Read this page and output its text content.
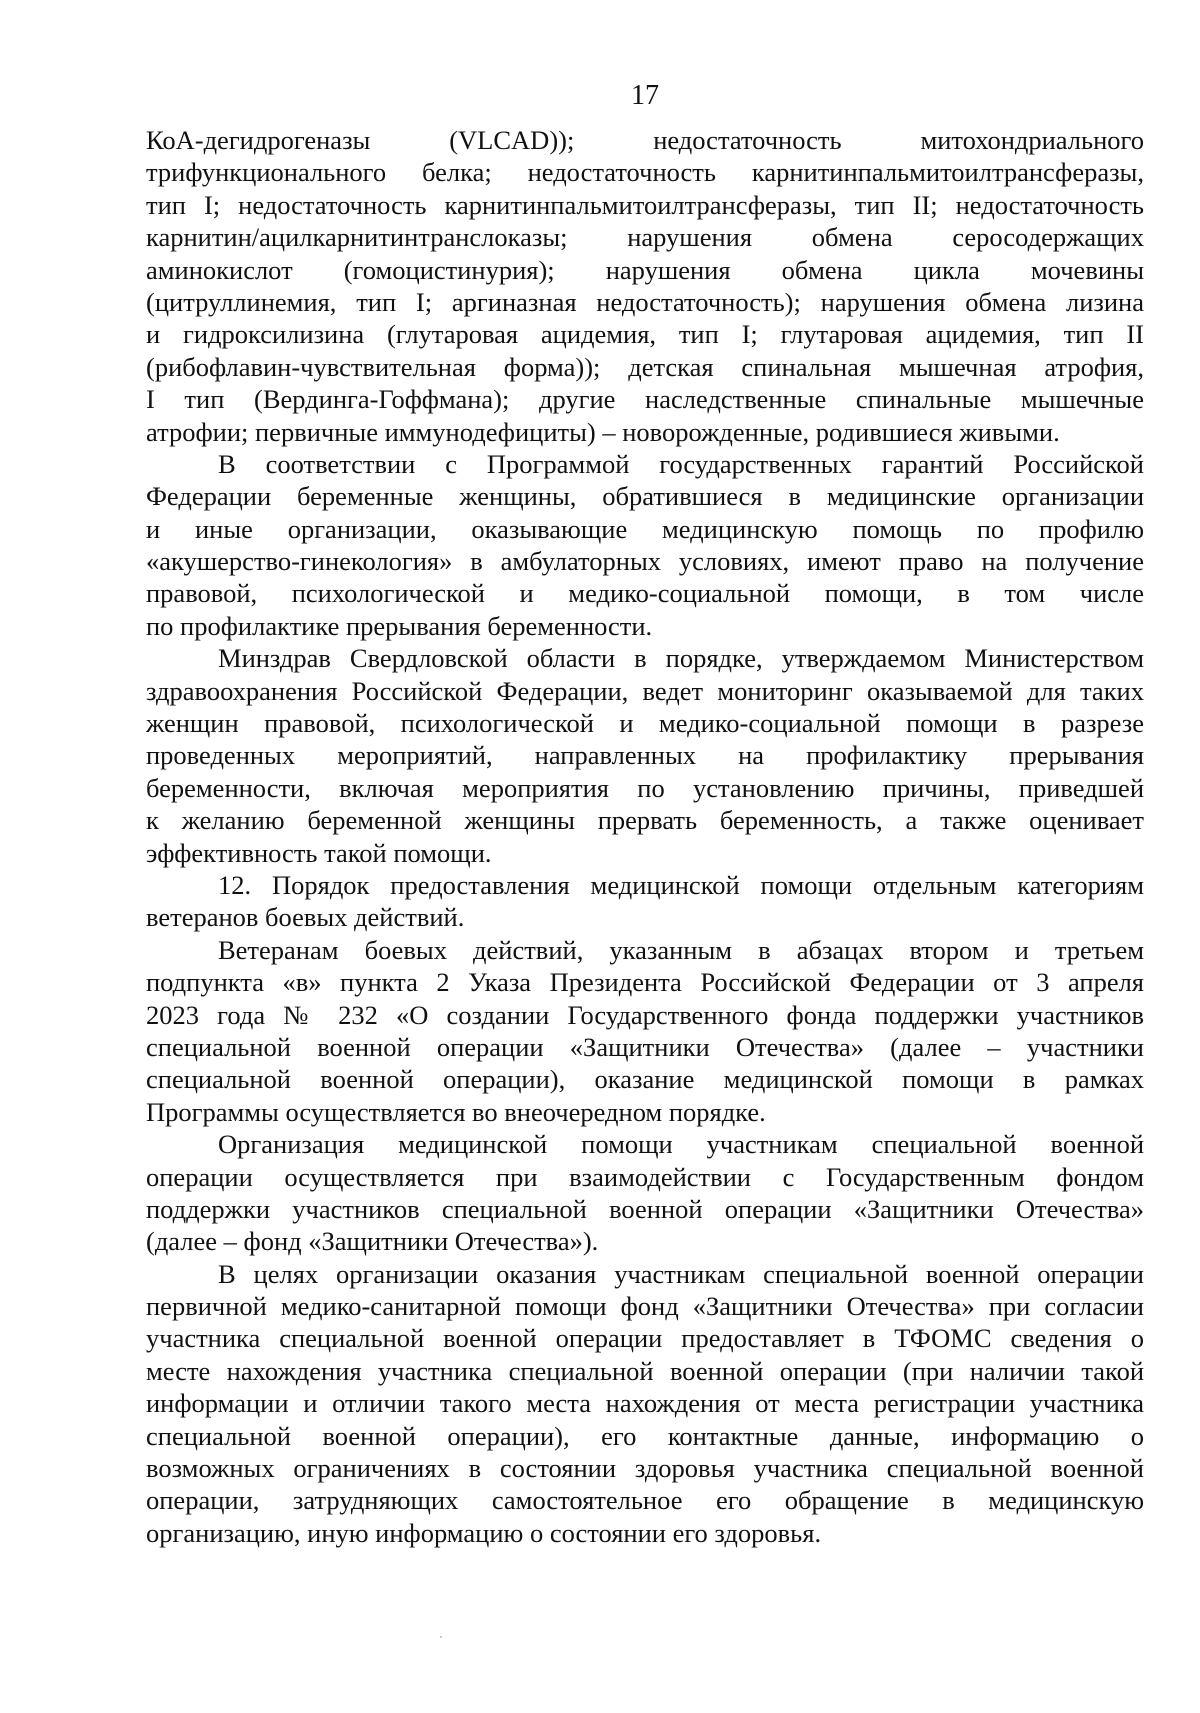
17
КоА-дегидрогеназы (VLCAD)); недостаточность митохондриального
трифункционального белка; недостаточность карнитинпальмитоилтрансферазы,
тип I; недостаточность карнитинпальмитоилтрансферазы, тип II; недостаточность
карнитин/ацилкарнитинтранслоказы; нарушения обмена серосодержащих
аминокислот (гомоцистинурия); нарушения обмена цикла мочевины
(цитруллинемия, тип I; аргиназная недостаточность); нарушения обмена лизина
и гидроксилизина (глутаровая ацидемия, тип I; глутаровая ацидемия, тип II
(рибофлавин-чувствительная форма)); детская спинальная мышечная атрофия,
I тип (Вердинга-Гоффмана); другие наследственные спинальные мышечные
атрофии; первичные иммунодефициты) – новорожденные, родившиеся живыми.
В соответствии с Программой государственных гарантий Российской
Федерации беременные женщины, обратившиеся в медицинские организации
и иные организации, оказывающие медицинскую помощь по профилю
«акушерство-гинекология» в амбулаторных условиях, имеют право на получение
правовой, психологической и медико-социальной помощи, в том числе
по профилактике прерывания беременности.
Минздрав Свердловской области в порядке, утверждаемом Министерством
здравоохранения Российской Федерации, ведет мониторинг оказываемой для таких
женщин правовой, психологической и медико-социальной помощи в разрезе
проведенных мероприятий, направленных на профилактику прерывания
беременности, включая мероприятия по установлению причины, приведшей
к желанию беременной женщины прервать беременность, а также оценивает
эффективность такой помощи.
12. Порядок предоставления медицинской помощи отдельным категориям
ветеранов боевых действий.
Ветеранам боевых действий, указанным в абзацах втором и третьем
подпункта «в» пункта 2 Указа Президента Российской Федерации от 3 апреля
2023 года № 232 «О создании Государственного фонда поддержки участников
специальной военной операции «Защитники Отечества» (далее – участники
специальной военной операции), оказание медицинской помощи в рамках
Программы осуществляется во внеочередном порядке.
Организация медицинской помощи участникам специальной военной
операции осуществляется при взаимодействии с Государственным фондом
поддержки участников специальной военной операции «Защитники Отечества»
(далее – фонд «Защитники Отечества»).
В целях организации оказания участникам специальной военной операции
первичной медико-санитарной помощи фонд «Защитники Отечества» при согласии
участника специальной военной операции предоставляет в ТФОМС сведения о
месте нахождения участника специальной военной операции (при наличии такой
информации и отличии такого места нахождения от места регистрации участника
специальной военной операции), его контактные данные, информацию о
возможных ограничениях в состоянии здоровья участника специальной военной
операции, затрудняющих самостоятельное его обращение в медицинскую
организацию, иную информацию о состоянии его здоровья.
